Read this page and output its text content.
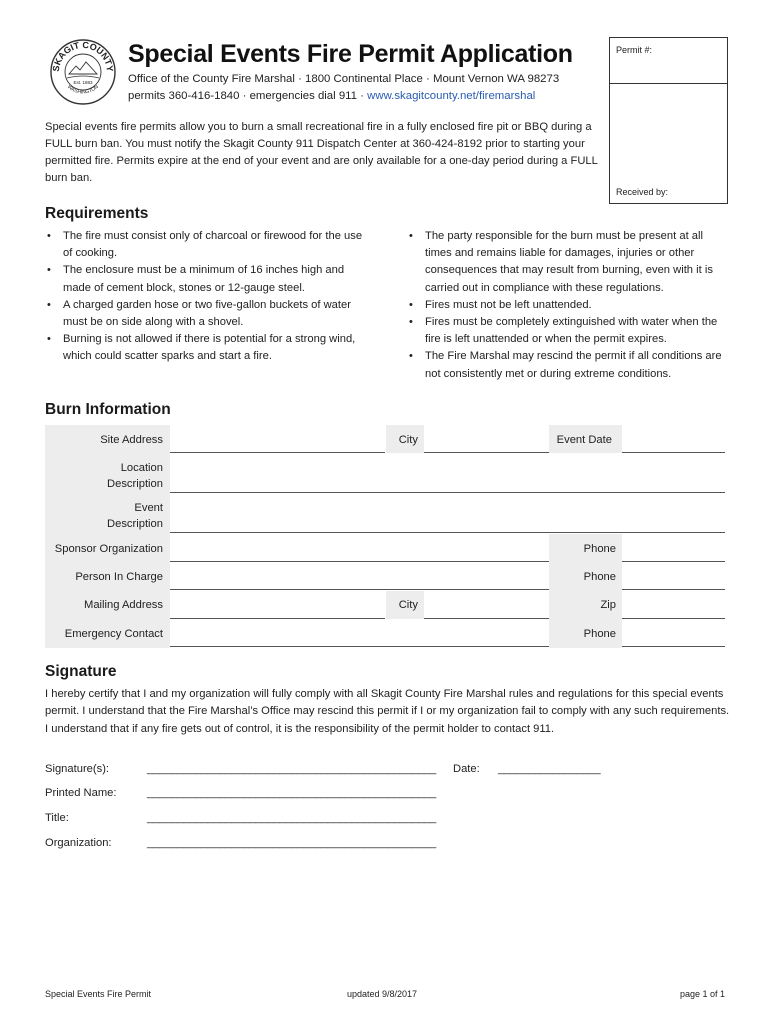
SKAGIT COUNTY
WASHINGTON
Est. 1883
Special Events Fire Permit Application
Office of the County Fire Marshal · 1800 Continental Place · Mount Vernon WA 98273
permits 360-416-1840 · emergencies dial 911 · www.skagitcounty.net/firemarshal
Permit #:
Received by:

Special events fire permits allow you to burn a small recreational fire in a fully enclosed fire pit or BBQ during a FULL burn ban. You must notify the Skagit County 911 Dispatch Center at 360-424-8192 prior to starting your permitted fire. Permits expire at the end of your event and are only available for a one-day period during a FULL burn ban.

Requirements
• The fire must consist only of charcoal or firewood for the use of cooking.
• The enclosure must be a minimum of 16 inches high and made of cement block, stones or 12-gauge steel.
• A charged garden hose or two five-gallon buckets of water must be on side along with a shovel.
• Burning is not allowed if there is potential for a strong wind, which could scatter sparks and start a fire.
• The party responsible for the burn must be present at all times and remains liable for damages, injuries or other consequences that may result from burning, even with it is carried out in compliance with these regulations.
• Fires must not be left unattended.
• Fires must be completely extinguished with water when the fire is left unattended or when the permit expires.
• The Fire Marshal may rescind the permit if all conditions are not consistently met or during extreme conditions.
Burn Information
Site Address	City	Event Date
Location
Description
Event
Description
Sponsor Organization	Phone
Person In Charge	Phone
Mailing Address	City	Zip
Emergency Contact	Phone
Signature

I hereby certify that I and my organization will fully comply with all Skagit County Fire Marshal rules and regulations for this special events permit. I understand that the Fire Marshal’s Office may rescind this permit if I or my organization fail to comply with any such requirements. I understand that if any fire gets out of control, it is the responsibility of the permit holder to contact 911.

Signature(s):	________________________________________________ Date: _________________
Printed Name:	________________________________________________
Title:	________________________________________________
Organization:	________________________________________________
Special Events Fire Permit	updated 9/8/2017	page 1 of 1
